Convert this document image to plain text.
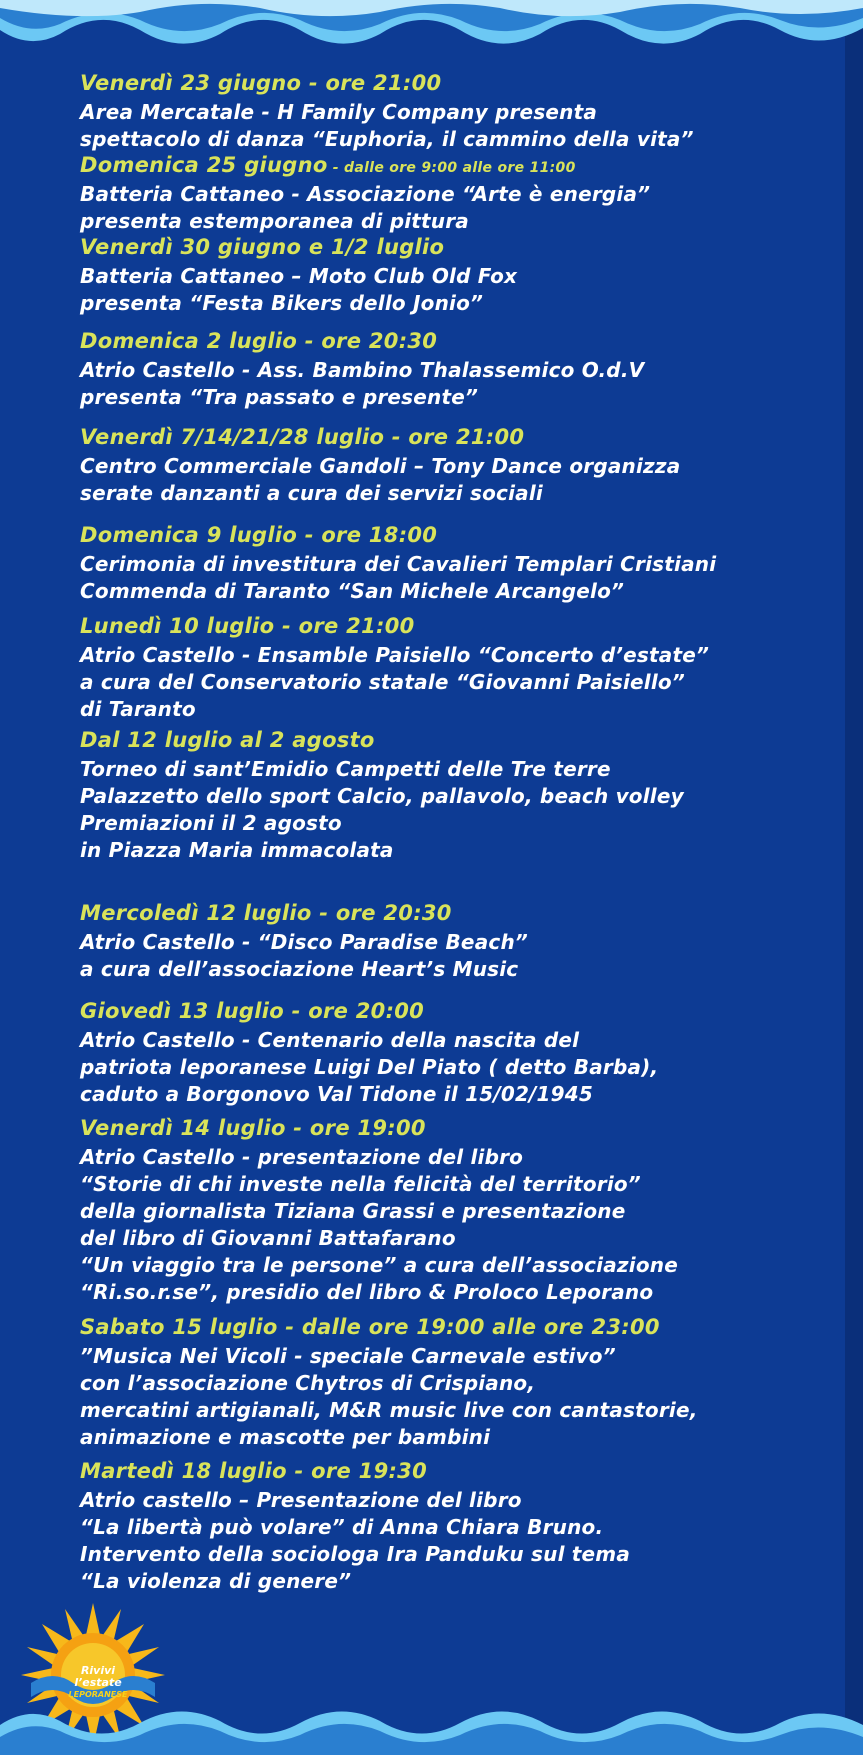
Venerdì 23 giugno - ore 21:00
Area Mercatale - H Family Company presenta
spettacolo di danza “Euphoria, il cammino della vita”
Domenica 25 giugno - dalle ore 9:00 alle ore 11:00
Batteria Cattaneo - Associazione “Arte è energia”
presenta estemporanea di pittura
Venerdì 30 giugno e 1/2 luglio
Batteria Cattaneo – Moto Club Old Fox
presenta “Festa Bikers dello Jonio”
Domenica 2 luglio - ore 20:30
Atrio Castello - Ass. Bambino Thalassemico O.d.V
presenta “Tra passato e presente”
Venerdì 7/14/21/28 luglio - ore 21:00
Centro Commerciale Gandoli – Tony Dance organizza
serate danzanti a cura dei servizi sociali
Domenica 9 luglio - ore 18:00
Cerimonia di investitura dei Cavalieri Templari Cristiani
Commenda di Taranto “San Michele Arcangelo”
Lunedì 10 luglio - ore 21:00
Atrio Castello - Ensamble Paisiello “Concerto d’estate”
a cura del Conservatorio statale “Giovanni Paisiello”
di Taranto
Dal 12 luglio al 2 agosto
Torneo di sant’Emidio Campetti delle Tre terre
Palazzetto dello sport Calcio, pallavolo, beach volley
Premiazioni il 2 agosto
in Piazza Maria immacolata
Mercoledì 12 luglio - ore 20:30
Atrio Castello - “Disco Paradise Beach”
a cura dell’associazione Heart’s Music
Giovedì 13 luglio - ore 20:00
Atrio Castello - Centenario della nascita del
patriota leporanese Luigi Del Piato ( detto Barba),
caduto a Borgonovo Val Tidone il 15/02/1945
Venerdì 14 luglio - ore 19:00
Atrio Castello - presentazione del libro
“Storie di chi investe nella felicità del territorio”
della giornalista Tiziana Grassi e presentazione
del libro di Giovanni Battafarano
“Un viaggio tra le persone” a cura dell’associazione
“Ri.so.r.se”, presidio del libro & Proloco Leporano
Sabato 15 luglio - dalle ore 19:00 alle ore 23:00
”Musica Nei Vicoli - speciale Carnevale estivo”
con l’associazione Chytros di Crispiano,
mercatini artigianali, M&R music live con cantastorie,
animazione e mascotte per bambini
Martedì 18 luglio - ore 19:30
Atrio castello – Presentazione del libro
“La libertà può volare” di Anna Chiara Bruno.
Intervento della sociologa Ira Panduku sul tema
“La violenza di genere”
Rivivi l’estate
LEPORANESE
